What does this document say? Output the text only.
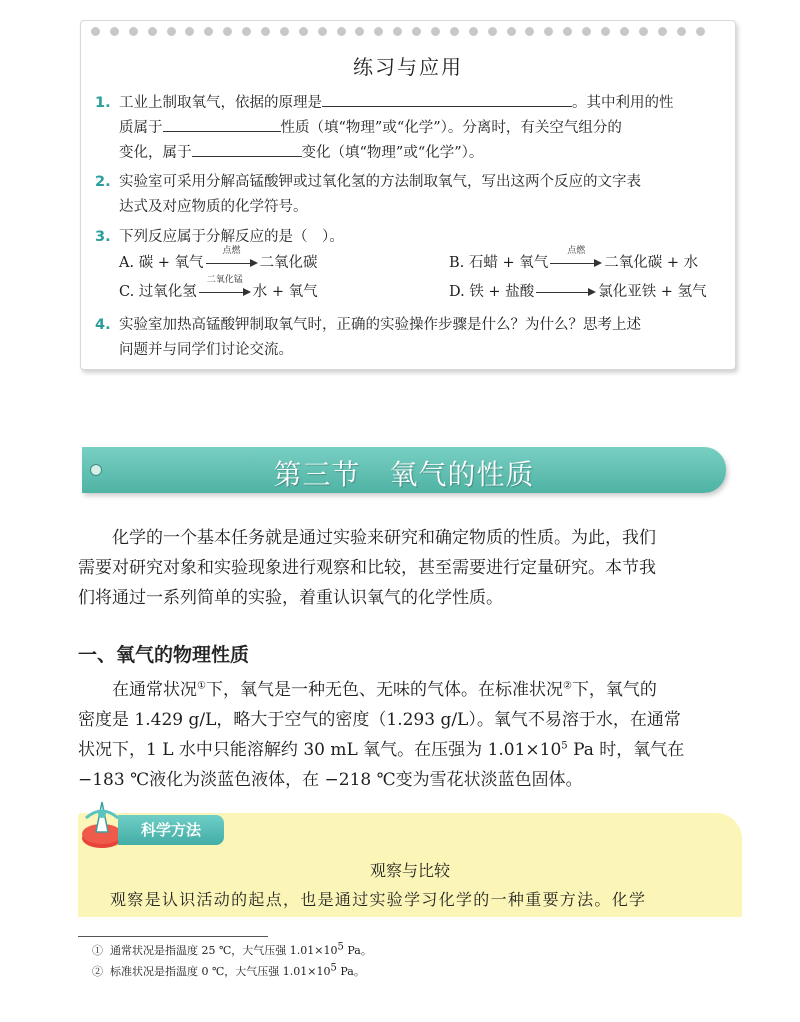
练习与应用

1. 工业上制取氧气，依据的原理是	。其中利用的性
质属于	性质（填“物理”或“化学”）。分离时，有关空气组分的
变化，属于	变化（填“物理”或“化学”）。

2. 实验室可采用分解高锰酸钾或过氧化氢的方法制取氧气，写出这两个反应的文字表
达式及对应物质的化学符号。

3. 下列反应属于分解反应的是（　）。

A. 碳 + 氧气
点燃
二氧化碳	B. 石蜡 + 氧气
点燃
二氧化碳 + 水
C. 过氧化氢
二氧化锰
水 + 氧气	D. 铁 + 盐酸	氯化亚铁 + 氢气

4. 实验室加热高锰酸钾制取氧气时，正确的实验操作步骤是什么？为什么？思考上述
问题并与同学们讨论交流。

第三节　氧气的性质

化学的一个基本任务就是通过实验来研究和确定物质的性质。为此，我们
需要对研究对象和实验现象进行观察和比较，甚至需要进行定量研究。本节我
们将通过一系列简单的实验，着重认识氧气的化学性质。

一、氧气的物理性质

在通常状况①下，氧气是一种无色、无味的气体。在标准状况②下，氧气的
密度是 1.429 g/L，略大于空气的密度（1.293 g/L）。氧气不易溶于水，在通常
状况下，1 L 水中只能溶解约 30 mL 氧气。在压强为 $1.01\times 10^5$ Pa 时，氧气在
−183 ℃液化为淡蓝色液体，在 −218 ℃变为雪花状淡蓝色固体。

科学方法

观察与比较

观察是认识活动的起点，也是通过实验学习化学的一种重要方法。化学

① 通常状况是指温度 25 ℃，大气压强 $1.01\times 10^5$ Pa。

② 标准状况是指温度 0 ℃，大气压强 $1.01\times 10^5$ Pa。
